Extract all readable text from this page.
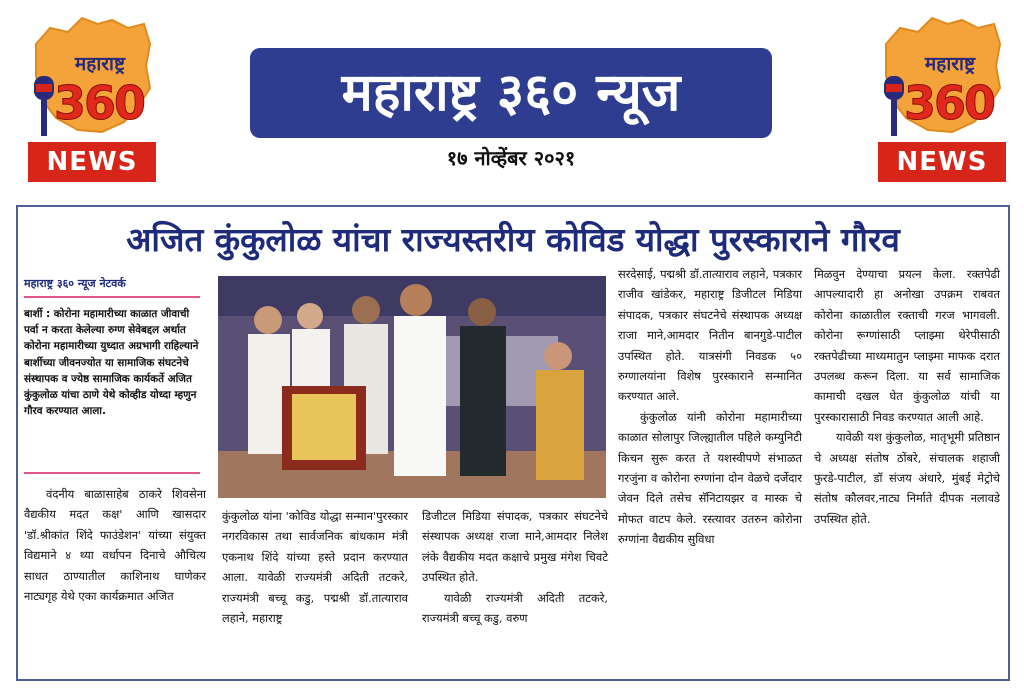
महाराष्ट्र
360
NEWS
महाराष्ट्र
360
NEWS
महाराष्ट्र ३६० न्यूज
१७ नोव्हेंबर २०२१
अजित कुंकुलोळ यांचा राज्यस्तरीय कोविड योद्धा पुरस्काराने गौरव
महाराष्ट्र ३६० न्यूज नेटवर्क
बार्शी : कोरोना महामारीच्या काळात जीवाची पर्वा न करता केलेल्या रुग्ण सेवेबद्दल अर्थात कोरोना महामारीच्या युध्दात अग्रभागी राहिल्याने बार्शीच्या जीवनज्योत या सामाजिक संघटनेचे संस्थापक व ज्येष्ठ सामाजिक कार्यकर्ते अजित कुंकुलोळ यांचा ठाणे येथे कोव्हीड योध्दा म्हणुन गौरव करण्यात आला.
वंदनीय बाळासाहेब ठाकरे शिवसेना वैद्यकीय मदत कक्ष' आणि खासदार 'डॉ.श्रीकांत शिंदे फाउंडेशन' यांच्या संयुक्त विद्यमाने ४ थ्या वर्धापन दिनाचे औचित्य साधत ठाण्यातील काशिनाथ घाणेकर नाट्यगृह येथे एका कार्यक्रमात अजित
कुंकुलोळ यांना 'कोविड योद्धा सन्मान'पुरस्कार नगरविकास तथा सार्वजनिक बांधकाम मंत्री एकनाथ शिंदे यांच्या हस्ते प्रदान करण्यात आला. यावेळी राज्यमंत्री अदिती तटकरे, राज्यमंत्री बच्चू कडु, पद्मश्री डॉ.तात्याराव लहाने, महाराष्ट्र
डिजीटल मिडिया संपादक, पत्रकार संघटनेचे संस्थापक अध्यक्ष राजा माने,आमदार निलेश लंके वैद्यकीय मदत कक्षाचे प्रमुख मंगेश चिवटे उपस्थित होते.
यावेळी राज्यमंत्री अदिती तटकरे, राज्यमंत्री बच्चू कडु, वरुण
सरदेसाई, पद्मश्री डॉ.तात्याराव लहाने, पत्रकार राजीव खांडेकर, महाराष्ट्र डिजीटल मिडिया संपादक, पत्रकार संघटनेचे संस्थापक अध्यक्ष राजा माने,आमदार नितीन बानगुडे-पाटील उपस्थित होते. यात्रसंगी निवडक ५० रुग्णालयांना विशेष पुरस्काराने सन्मानित करण्यात आले.
कुंकुलोळ यांनी कोरोना महामारीच्या काळात सोलापुर जिल्ह्यातील पहिले कम्युनिटी किचन सुरू करत ते यशस्वीपणे संभाळत गरजुंना व कोरोना रुग्णांना दोन वेळचे दर्जेदार जेवन दिले तसेच सॅनिटायझर व मास्क चे मोफत वाटप केले. रस्त्यावर उतरुन कोरोना रुग्णांना वैद्यकीय सुविधा
मिळवुन देण्याचा प्रयत्न केला. रक्तपेढी आपल्यादारी हा अनोखा उपक्रम राबवत कोरोना काळातील रक्ताची गरज भागवली. कोरोना रूग्णांसाठी प्लाझ्मा थेरेपीसाठी रक्तपेढीच्या माध्यमातुन प्लाझ्मा माफक दरात उपलब्ध करून दिला. या सर्व सामाजिक कामाची दखल घेत कुंकुलोळ यांची या पुरस्कारासाठी निवड करण्यात आली आहे.
यावेळी यश कुंकुलोळ, मातृभूमी प्रतिष्ठान चे अध्यक्ष संतोष ठोंबरे, संचालक शहाजी फुरडे-पाटील, डॉ संजय अंधारे, मुंबई मेट्रोचे संतोष कौलवर,नाट्य निर्माते दीपक नलावडे उपस्थित होते.
